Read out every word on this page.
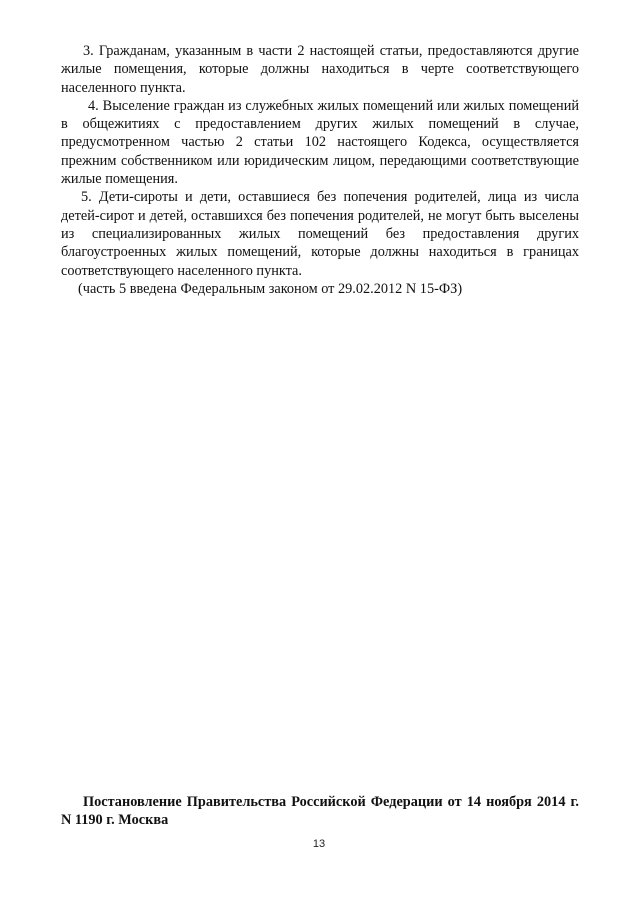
3. Гражданам, указанным в части 2 настоящей статьи, предоставляются другие жилые помещения, которые должны находиться в черте соответствующего населенного пункта.

4. Выселение граждан из служебных жилых помещений или жилых помещений в общежитиях с предоставлением других жилых помещений в случае, предусмотренном частью 2 статьи 102 настоящего Кодекса, осуществляется прежним собственником или юридическим лицом, передающими соответствующие жилые помещения.

5. Дети-сироты и дети, оставшиеся без попечения родителей, лица из числа детей-сирот и детей, оставшихся без попечения родителей, не могут быть выселены из специализированных жилых помещений без предоставления других благоустроенных жилых помещений, которые должны находиться в границах соответствующего населенного пункта.

(часть 5 введена Федеральным законом от 29.02.2012 N 15-ФЗ)

Постановление Правительства Российской Федерации от 14 ноября 2014 г. N 1190 г. Москва

13
